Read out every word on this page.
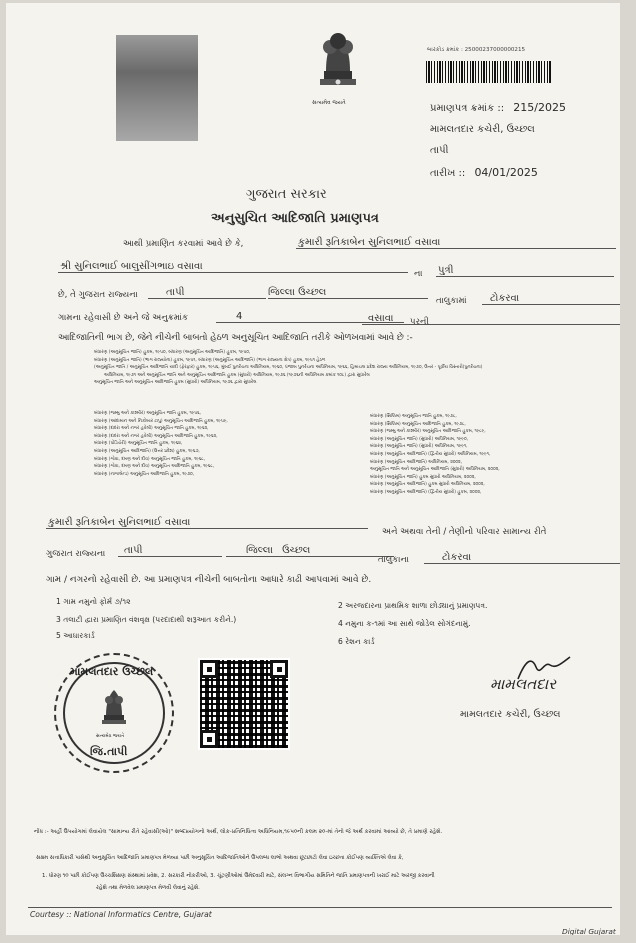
સત્યમેવ જયતે
બારકોડ ક્રમાંક : 25000237000000215
પ્રમાણપત્ર ક્રમાંક :: 215/2025
મામલતદાર કચેરી, ઉચ્છલ
તાપી
તારીખ :: 04/01/2025
ગુજરાત સરકાર
અનુસુચિત આદિજાતિ પ્રમાણપત્ર
આથી પ્રમાણિત કરવામાં આવે છે કે,	કુમારી રૂતિકાબેન સુનિલભાઈ વસાવા
શ્રી સુનિલભાઈ બાલુસીંગભાઇ વસાવા
ના પુત્રી
છે, તે ગુજરાત રાજ્યના	તાપી	જિલ્લા ઉચ્છલ
તાલુકામાં	ટોકરવા
ગામના રહેવાસી છે અને જે અનુક્રમાંક	4	પરની
વસાવા
આદિજાતિની ભાગ છે, જેને નીચેની બાબતો હેઠળ અનુસૂચિત આદિજાતિ તરીકે ઓળખવામાં આવે છે :-
બંધારણ (અનુસૂચિત જાતિ) હુકમ, ૧૯૫૦, બંધારણ (અનુસૂચિત આદિજાતિ) હુકમ, ૧૯૫૦,
બંધારણ (અનુસૂચિત જાતિ) (ભાગ રાજ્યોના) હુકમ, ૧૯૫૧, બંધારણ (અનુસૂચિત આદિજાતિ) (ભાગ રાજ્યના ક્ષેત્ર) હુકમ, ૧૯૫૧ હેઠળ
(અનુસૂચિત જાતિ / અનુસૂચિત આદિજાતિ યાદી (ફેરફાર) હુકમ, ૧૯૫૬, મુંબઈ પુનર્રચના અધિનિયમ, ૧૯૬૦, પંજાબ પુનર્રચના અધિનિયમ, ૧૯૬૬, હિમાચલ પ્રદેશ રાજ્ય અધિનિયમ, ૧૯૭૦, ઉત્તર - પૂર્વીય વિસ્તારો(પુનર્રચના)
અધિનિયમ, ૧૯૭૧ અને અનુસૂચિત જાતિ અને અનુસૂચિત આદિજાતિ હુકમ (સુધારો) અધિનિયમ, ૧૯૭૬ (૧૯૭૬ની અધિનિયમ ક્રમાંક ૧૦૮) દ્વારા સુધારેલ
અનુસૂચિત જાતિ અને અનુસૂચિત આદિજાતિ હુકમ (સુધારો) અધિનિયમ, ૧૯૭૬ દ્વારા સુધારેલ
બંધારણ (જમ્મુ અને કાશ્મીર) અનુસૂચિત જાતિ હુકમ, ૧૯૫૬,
બંધારણ (આંદામાન અને નિકોબાર ટાપુ) અનુસૂચિત આદિજાતિ હુકમ, ૧૯૫૯,
બંધારણ (દાદરા અને નગર હવેલી) અનુસૂચિત જાતિ હુકમ, ૧૯૬૨,
બંધારણ (દાદરા અને નગર હવેલી) અનુસૂચિત આદિજાતિ હુકમ, ૧૯૬૨,
બંધારણ (પોંડિચેરી) અનુસૂચિત જાતિ હુકમ, ૧૯૬૪,
બંધારણ (અનુસૂચિત આદિજાતિ) (ઉત્તર પ્રદેશ) હુકમ, ૧૯૬૭,
બંધારણ (ગોવા, દમણ અને દીવ) અનુસૂચિત જાતિ હુકમ, ૧૯૬૮,
બંધારણ (ગોવા, દમણ અને દીવ) અનુસૂચિત આદિજાતિ હુકમ, ૧૯૬૮,
બંધારણ (નાગાલેન્ડ) અનુસૂચિત આદિજાતિ હુકમ, ૧૯૭૦,
બંધારણ (સિક્કિમ) અનુસૂચિત જાતિ હુકમ, ૧૯૭૮,
બંધારણ (સિક્કિમ) અનુસૂચિત આદિજાતિ હુકમ, ૧૯૭૮,
બંધારણ (જમ્મુ અને કાશ્મીર) અનુસૂચિત આદિજાતિ હુકમ, ૧૯૮૯,
બંધારણ (અનુસૂચિત જાતિ) (સુધારો) અધિનિયમ, ૧૯૯૦,
બંધારણ (અનુસૂચિત જાતિ) (સુધારો) અધિનિયમ, ૧૯૯૧,
બંધારણ (અનુસૂચિત આદિજાતિ) (દ્વિતીય સુધારો) અધિનિયમ, ૧૯૯૧,
બંધારણ (અનુસૂચિત આદિજાતિ) અધિનિયમ, ૨૦૦૨,
અનુસૂચિત જાતિ અને અનુસૂચિત આદિજાતિ (સુધારો) અધિનિયમ, ૨૦૦૨,
બંધારણ (અનુસૂચિત જાતિ) હુકમ સુધારો અધિનિયમ, ૨૦૦૨,
બંધારણ (અનુસૂચિત આદિજાતિ) હુકમ સુધારો અધિનિયમ, ૨૦૦૨,
બંધારણ (અનુસૂચિત આદિજાતિ) (દ્વિતીય સુધારો) હુકમ, ૨૦૦૨,
કુમારી રૂતિકાબેન સુનિલભાઈ વસાવા
અને અથવા તેની / તેણીનો પરિવાર સામાન્ય રીતે
ગુજરાત રાજ્યના	તાપી	જિલ્લા ઉચ્છલ
તાલુકાના	ટોકરવા
ગામ / નગરનો રહેવાસી છે. આ પ્રમાણપત્ર નીચેની બાબતોના આધારે કાઢી આપવામાં આવે છે.
1 ગામ નમુનો ફોર્મ ૭/૧૨	2 અરજદારના પ્રાથમિક શાળા છોડ્યાનું પ્રમાણપત્ર.
3 તલાટી દ્વારા પ્રમાણિત વંશવૃક્ષ (પરદાદાથી શરૂઆત કરીને.)	4 નમુના ક-૧માં આ સાથે જોડેલ સોગંદનામું.
5 આધારકાર્ડ
6 રેશન કાર્ડ
મામલતદાર ઉચ્છલ
સત્યમેવ જયતે
જિ.તાપી
મામલતદાર
મામલતદાર કચેરી, ઉચ્છલ
નોંધ :- અહીં ઉપયોગમાં લેવાયેલ "સામાન્ય રીતે રહેવાસી(ઓ)" શબ્દપ્રયોગનો અર્થ, લોક-પ્રતિનિધિત્વ અધિનિયમ,૧૯૫૦ની કલમ ૨૦-માં તેનો જે અર્થ કરવામાં આવ્યો છે, તે પ્રમાણે રહેશે.
સક્ષમ સત્તાધિકારી પાસેથી અનુસૂચિત આદિજાતિ પ્રમાણપત્ર મેળવ્યા પછી અનુસૂચિત આદિજાતિઓને ઉપલબ્ધ લાભો અથવા છૂટછાટો લેવા ઇચ્છતા કોઈપણ વ્યક્તિએ લેવા કે,
1. ધોરણ ૧૦ પછી કોઈપણ ઉચ્ચશિક્ષણ સંસ્થામાં પ્રવેશ, 2. સરકારી નોકરીઓ, 3. ચૂંટણીઓમાં ઉમેદવારી માટે, સંલગ્ન વિભાગીય સમિતિને જાતિ પ્રમાણપત્રની ખરાઈ માટે અરજી કરવાની
રહેશે તથા મેળવેલ પ્રમાણપત્ર મેળવી લેવાનું રહેશે.
Courtesy :: National Informatics Centre, Gujarat
Digital Gujarat
